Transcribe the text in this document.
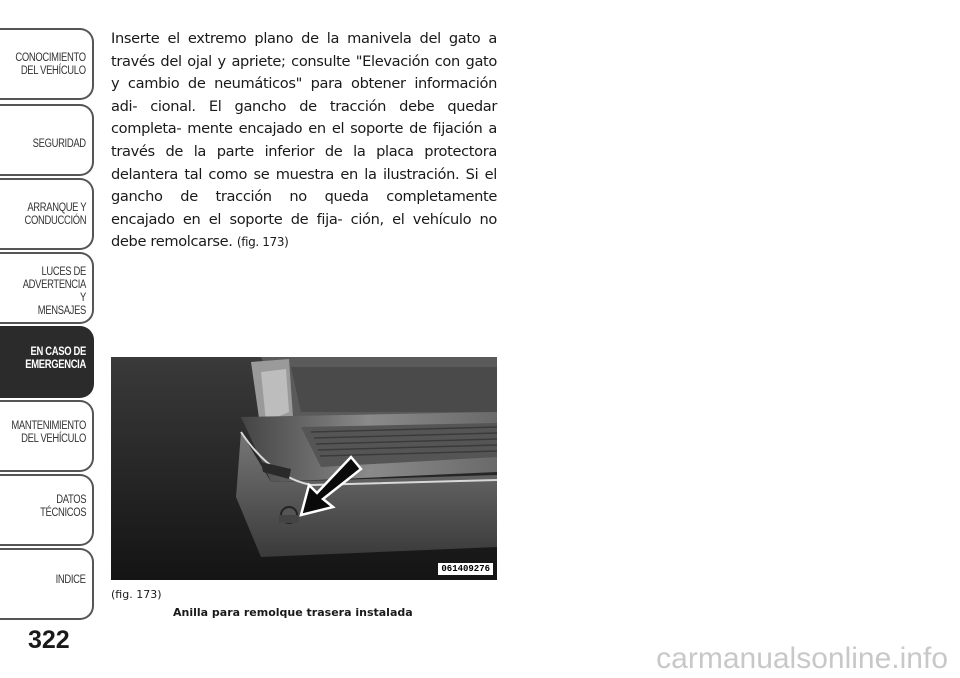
CONOCIMIENTO
DEL VEHÍCULO
SEGURIDAD
ARRANQUE Y
CONDUCCIÓN
LUCES DE
ADVERTENCIA Y
MENSAJES
EN CASO DE
EMERGENCIA
MANTENIMIENTO
DEL VEHÍCULO
DATOS
TÉCNICOS
INDICE
322
Inserte el extremo plano de la manivela del gato a través del ojal y apriete; consulte "Elevación con gato y cambio de neumáticos" para obtener información adi- cional. El gancho de tracción debe quedar completa- mente encajado en el soporte de fijación a través de la parte inferior de la placa protectora delantera tal como se muestra en la ilustración. Si el gancho de tracción no queda completamente encajado en el soporte de fija- ción, el vehículo no debe remolcarse. (fig. 173)
061409276
(fig. 173)
Anilla para remolque trasera instalada
carmanualsonline.info
